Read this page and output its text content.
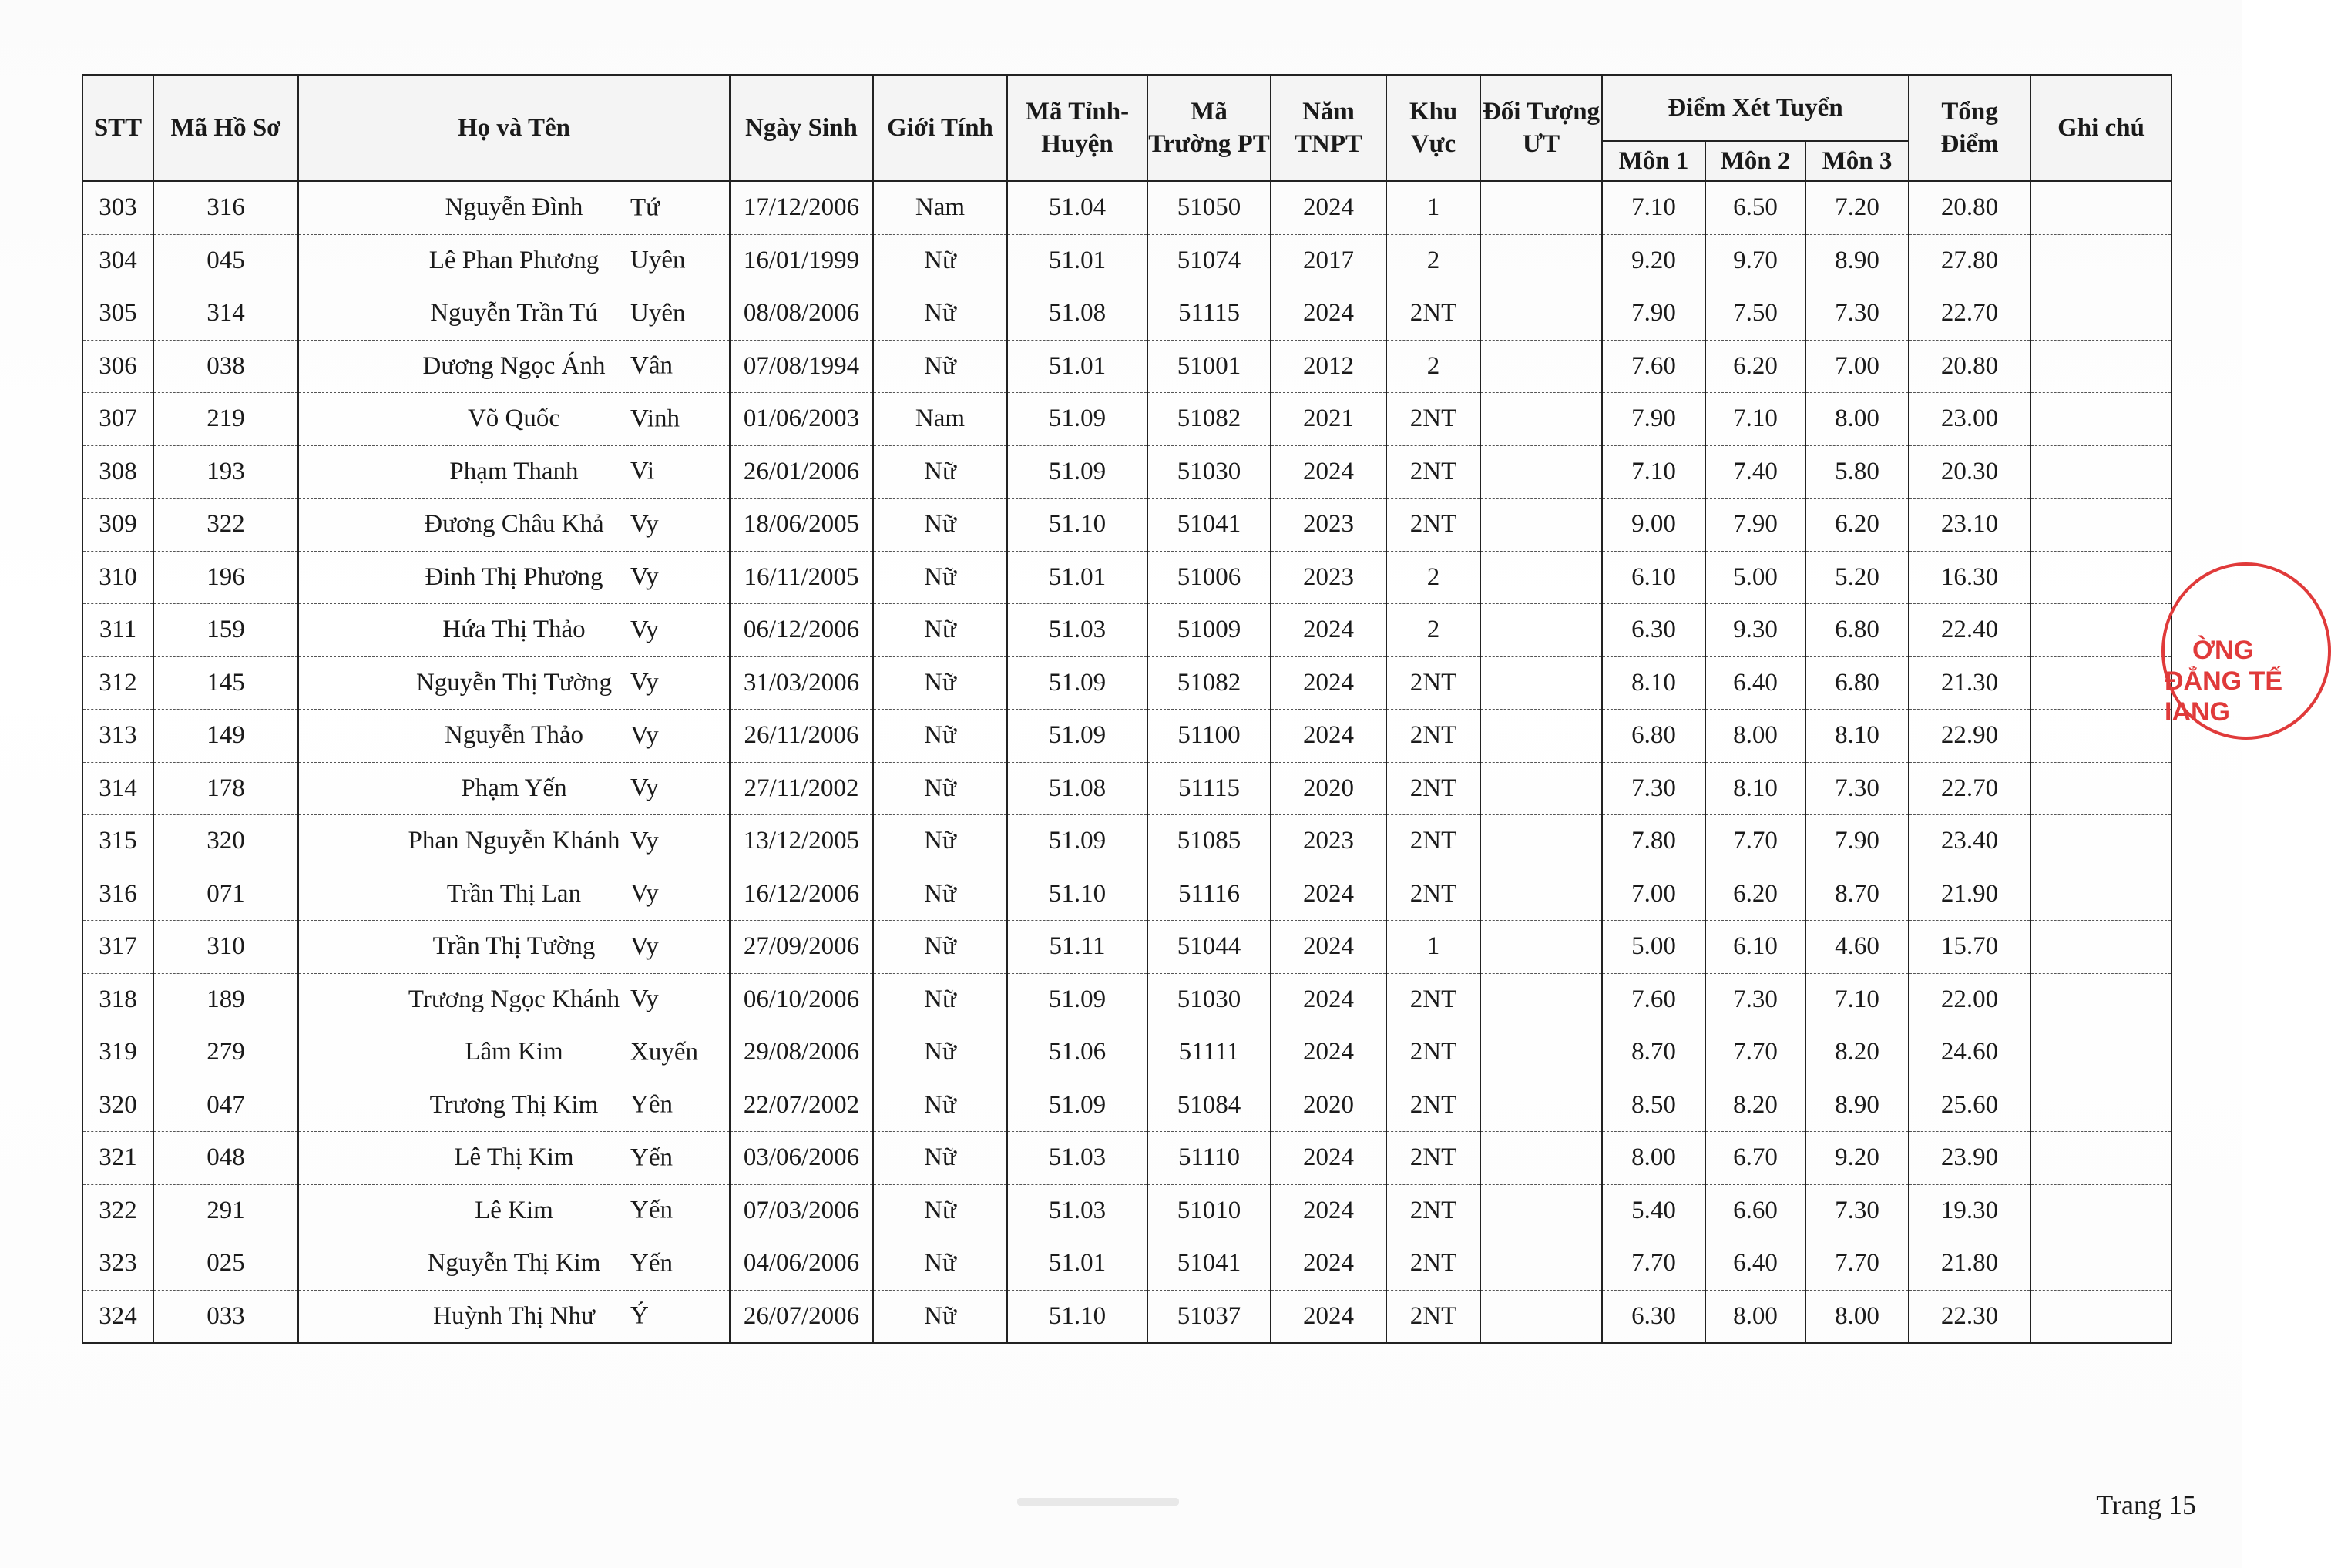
STT	Mã Hồ Sơ	Họ và Tên	Ngày Sinh	Giới Tính	Mã Tỉnh-Huyện	Mã Trường PT	Năm TNPT	Khu Vực	Đối Tượng ƯT	Điểm Xét Tuyển			Tổng Điểm	Ghi chú
										Môn 1	Môn 2	Môn 3		
303	316	Nguyễn Đình Tứ	17/12/2006	Nam	51.04	51050	2024	1		7.10	6.50	7.20	20.80	
304	045	Lê Phan Phương Uyên	16/01/1999	Nữ	51.01	51074	2017	2		9.20	9.70	8.90	27.80	
305	314	Nguyễn Trần Tú Uyên	08/08/2006	Nữ	51.08	51115	2024	2NT		7.90	7.50	7.30	22.70	
306	038	Dương Ngọc Ánh Vân	07/08/1994	Nữ	51.01	51001	2012	2		7.60	6.20	7.00	20.80	
307	219	Võ Quốc Vinh	01/06/2003	Nam	51.09	51082	2021	2NT		7.90	7.10	8.00	23.00	
308	193	Phạm Thanh Vi	26/01/2006	Nữ	51.09	51030	2024	2NT		7.10	7.40	5.80	20.30	
309	322	Đương Châu Khả Vy	18/06/2005	Nữ	51.10	51041	2023	2NT		9.00	7.90	6.20	23.10	
310	196	Đinh Thị Phương Vy	16/11/2005	Nữ	51.01	51006	2023	2		6.10	5.00	5.20	16.30	
311	159	Hứa Thị Thảo Vy	06/12/2006	Nữ	51.03	51009	2024	2		6.30	9.30	6.80	22.40	
312	145	Nguyễn Thị Tường Vy	31/03/2006	Nữ	51.09	51082	2024	2NT		8.10	6.40	6.80	21.30	
313	149	Nguyễn Thảo Vy	26/11/2006	Nữ	51.09	51100	2024	2NT		6.80	8.00	8.10	22.90	
314	178	Phạm Yến Vy	27/11/2002	Nữ	51.08	51115	2020	2NT		7.30	8.10	7.30	22.70	
315	320	Phan Nguyễn Khánh Vy	13/12/2005	Nữ	51.09	51085	2023	2NT		7.80	7.70	7.90	23.40	
316	071	Trần Thị Lan Vy	16/12/2006	Nữ	51.10	51116	2024	2NT		7.00	6.20	8.70	21.90	
317	310	Trần Thị Tường Vy	27/09/2006	Nữ	51.11	51044	2024	1		5.00	6.10	4.60	15.70	
318	189	Trương Ngọc Khánh Vy	06/10/2006	Nữ	51.09	51030	2024	2NT		7.60	7.30	7.10	22.00	
319	279	Lâm Kim Xuyến	29/08/2006	Nữ	51.06	51111	2024	2NT		8.70	7.70	8.20	24.60	
320	047	Trương Thị Kim Yên	22/07/2002	Nữ	51.09	51084	2020	2NT		8.50	8.20	8.90	25.60	
321	048	Lê Thị Kim Yến	03/06/2006	Nữ	51.03	51110	2024	2NT		8.00	6.70	9.20	23.90	
322	291	Lê Kim Yến	07/03/2006	Nữ	51.03	51010	2024	2NT		5.40	6.60	7.30	19.30	
323	025	Nguyễn Thị Kim Yến	04/06/2006	Nữ	51.01	51041	2024	2NT		7.70	6.40	7.70	21.80	
324	033	Huỳnh Thị Như Ý	26/07/2006	Nữ	51.10	51037	2024	2NT		6.30	8.00	8.00	22.30	
ỜNG ĐẲNG TẾ IANG
Trang 15
